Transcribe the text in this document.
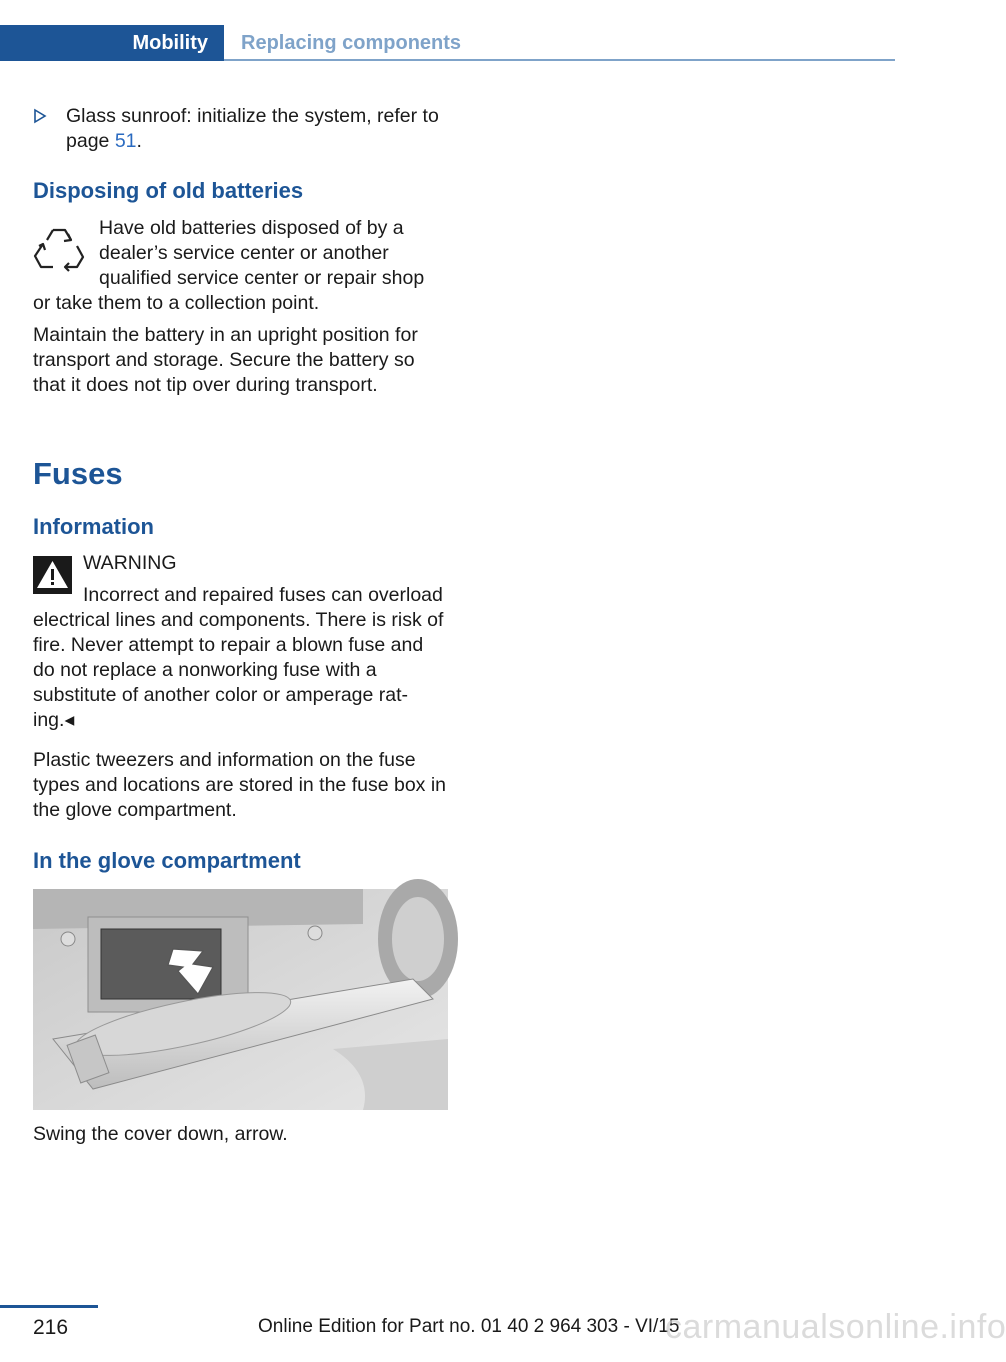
Mobility	Replacing components

Glass sunroof: initialize the system, refer to page 51.

Disposing of old batteries

Have old batteries disposed of by a

dealer’s service center or another

qualified service center or repair shop

or take them to a collection point.

Maintain the battery in an upright position for transport and storage. Secure the battery so that it does not tip over during transport.

Fuses
Information

WARNING

Incorrect and repaired fuses can overload

electrical lines and components. There is risk of fire. Never attempt to repair a blown fuse and do not replace a nonworking fuse with a substitute of another color or amperage rat‐ing.◂

Plastic tweezers and information on the fuse types and locations are stored in the fuse box in the glove compartment.

In the glove compartment

Swing the cover down, arrow.

216	Online Edition for Part no. 01 40 2 964 303 - VI/15
carmanualsonline.info
